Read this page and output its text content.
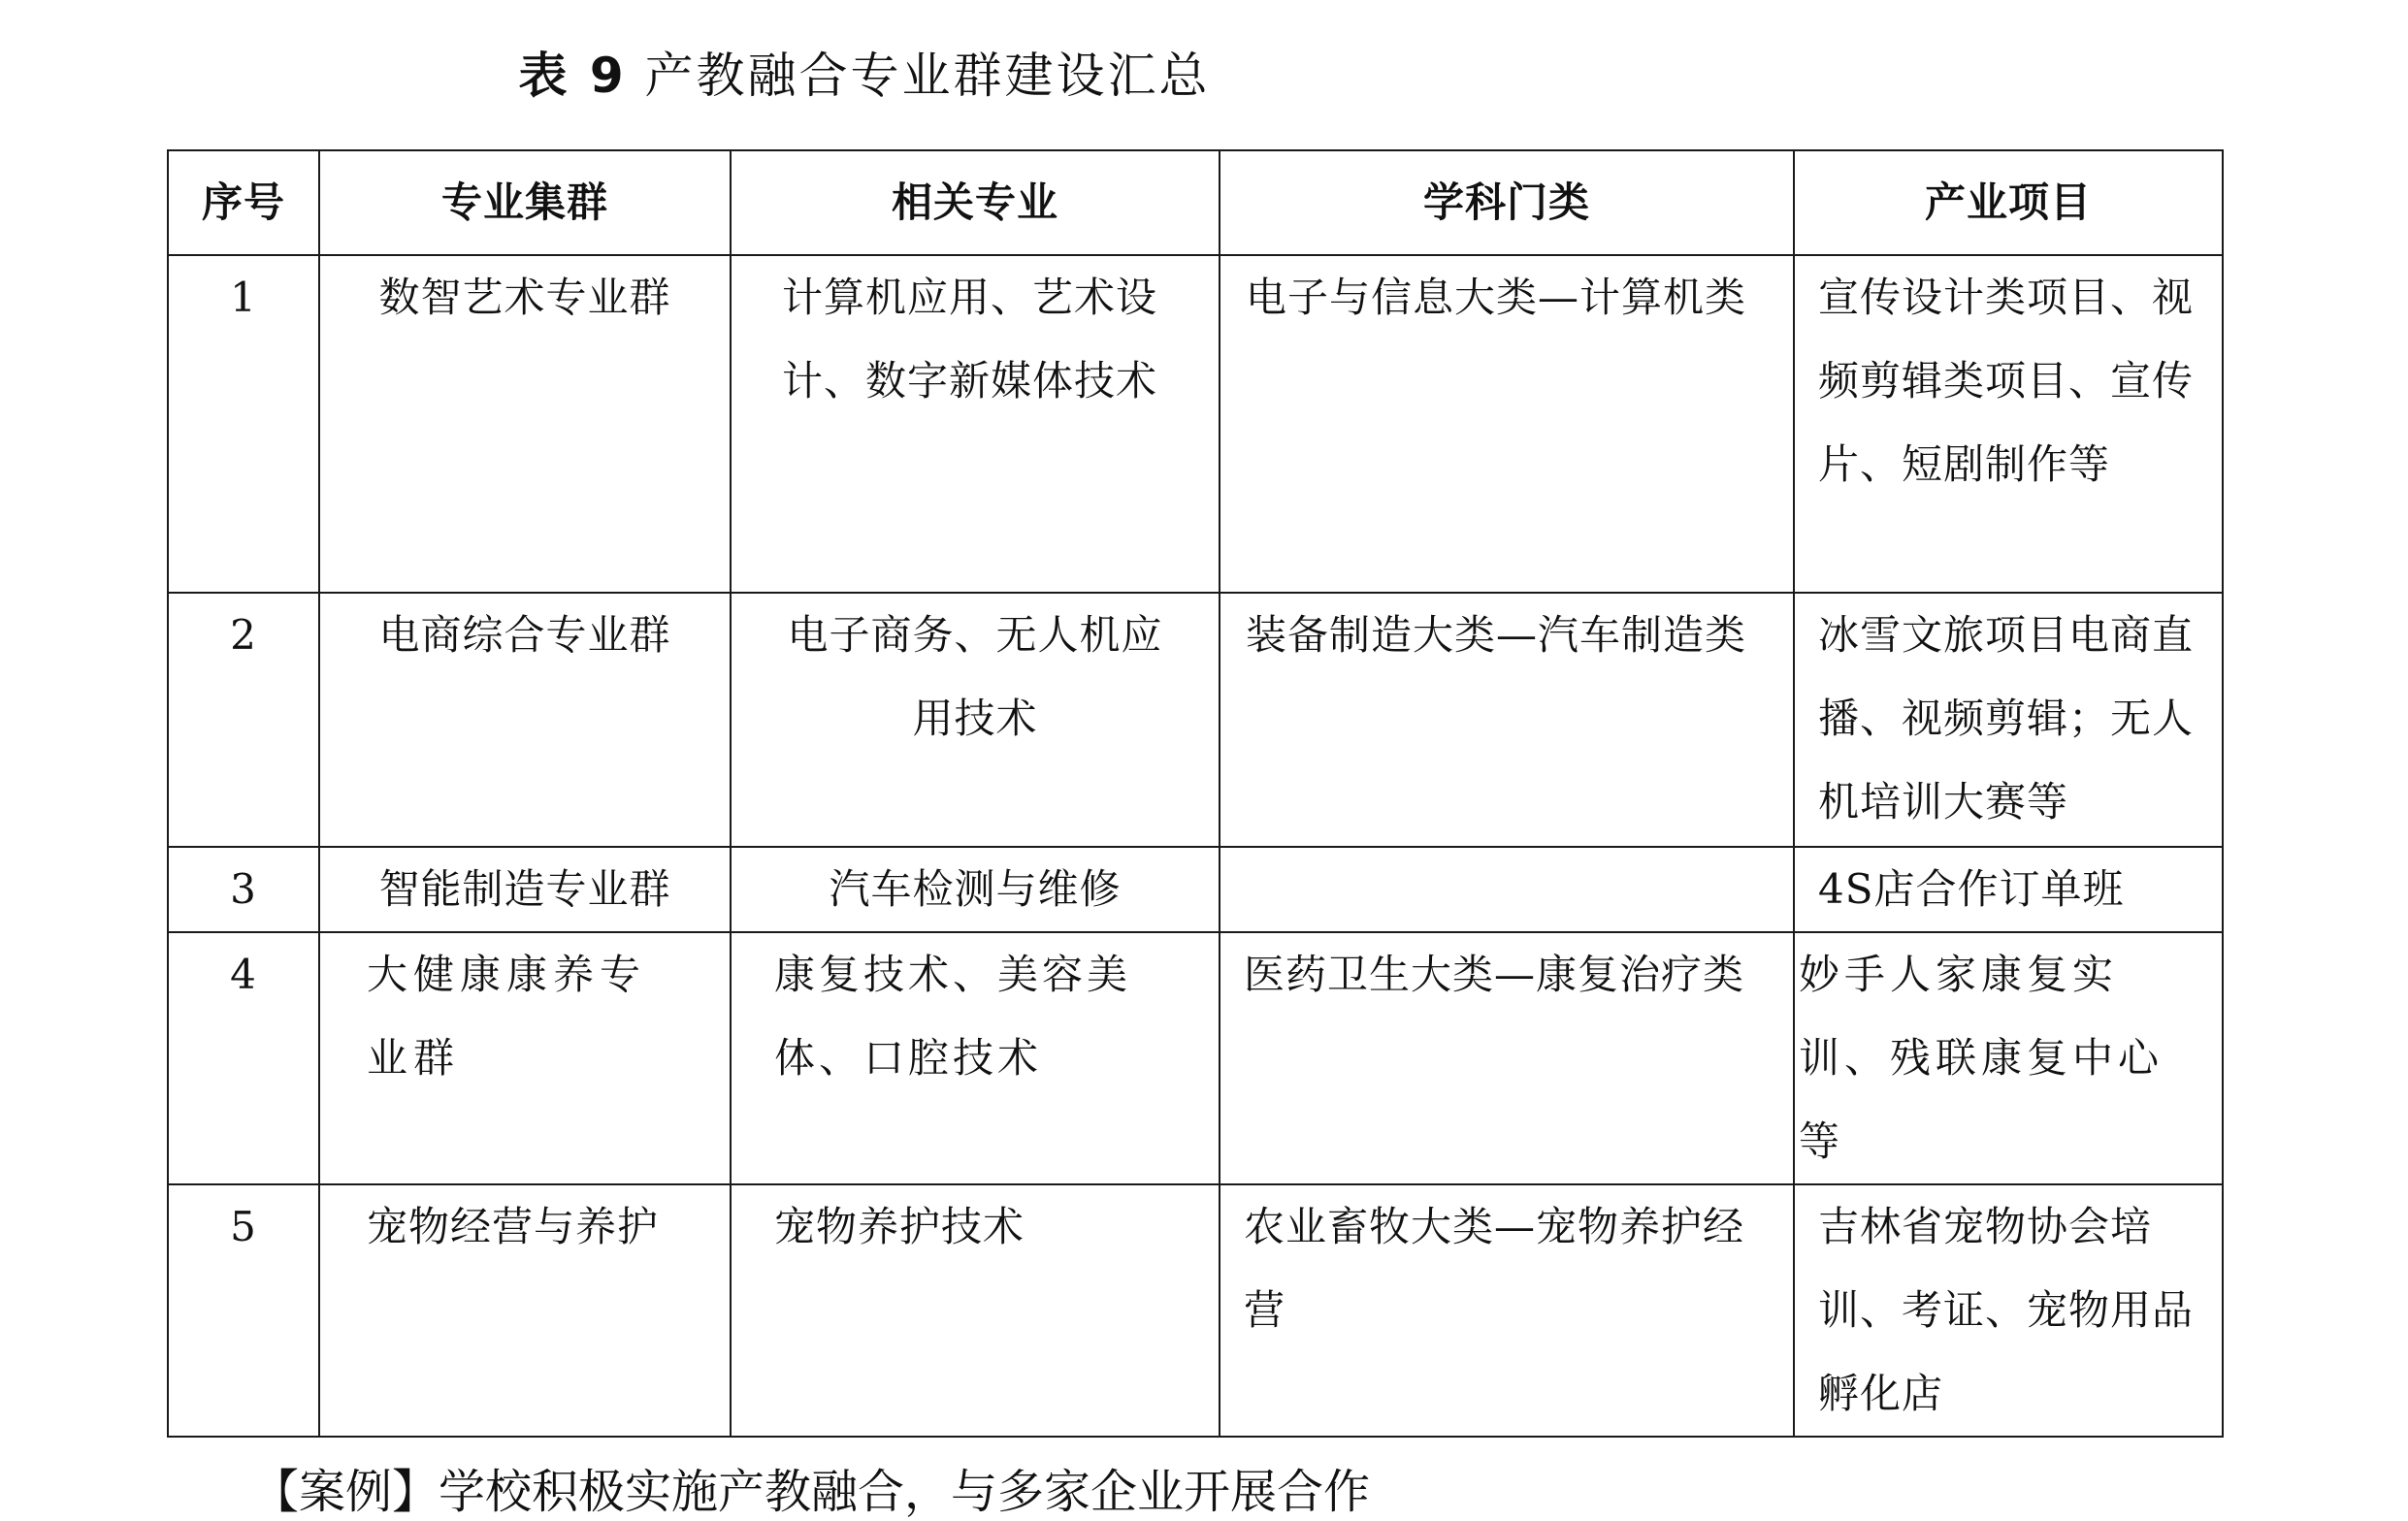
表 9 产教融合专业群建设汇总
序号	专业集群	相关专业	学科门类	产业项目
1	数智艺术专业群	计算机应用、艺术设计、数字新媒体技术	电子与信息大类—计算机类	宣传设计类项目、视频剪辑类项目、宣传片、短剧制作等
2	电商综合专业群	电子商务、无人机应用技术	装备制造大类—汽车制造类	冰雪文旅项目电商直播、视频剪辑；无人机培训大赛等
3	智能制造专业群	汽车检测与维修		4S店合作订单班
4	大健康康养专业群	康复技术、美容美体、口腔技术	医药卫生大类—康复治疗类	妙手人家康复实训、残联康复中心等
5	宠物经营与养护	宠物养护技术	农业畜牧大类—宠物养护经营	吉林省宠物协会培训、考证、宠物用品孵化店
【案例】学校积极实施产教融合，与多家企业开展合作
